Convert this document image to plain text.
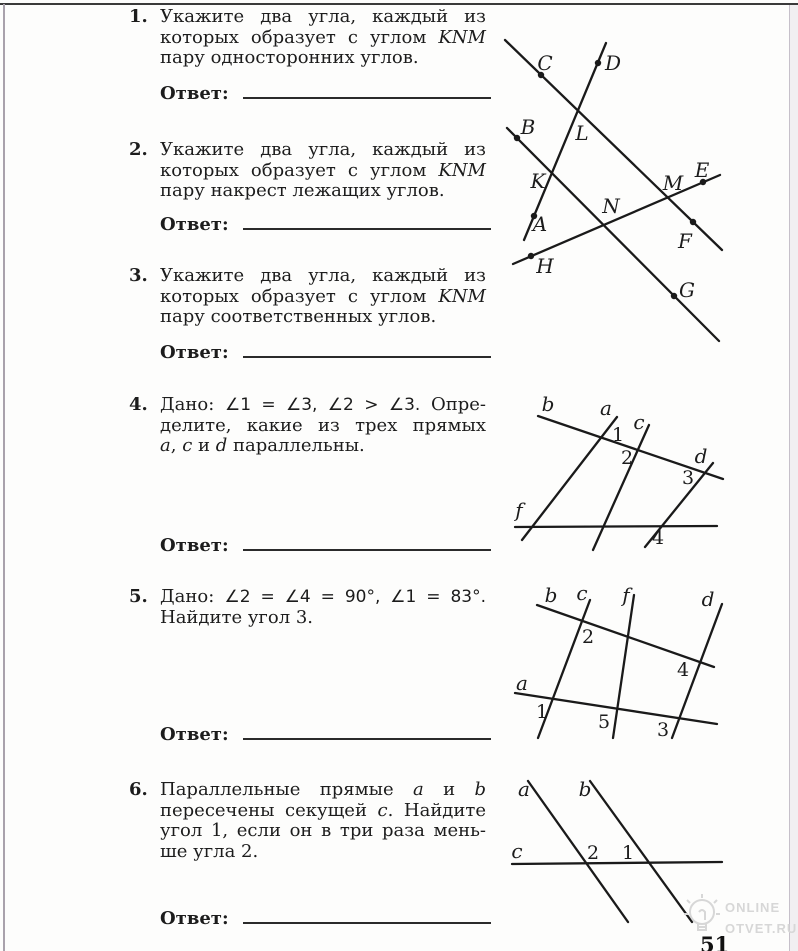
1. Укажите два угла, каждый из
которых образует с углом KNM
пару односторонних углов.
Ответ:
2. Укажите два угла, каждый из
которых образует с углом KNM
пару накрест лежащих углов.
Ответ:
3. Укажите два угла, каждый из
которых образует с углом KNM
пару соответственных углов.
Ответ:
4. Дано: ∠1 = ∠3, ∠2 > ∠3. Опре-
делите, какие из трех прямых
a, c и d параллельны.
Ответ:
5. Дано: ∠2 = ∠4 = 90°, ∠1 = 83°.
Найдите угол 3.
Ответ:
6. Параллельные прямые a и b
пересечены секущей c. Найдите
угол 1, если он в три раза мень-
ше угла 2.
Ответ:
C	D
L
B
K	M
E
N
A
F
H
G
b a
c
d
f
1
2
3
4
b c f	d
a
2
4
1	5 3
a b
c	2 1
ONLINE
OTVET.RU
51
